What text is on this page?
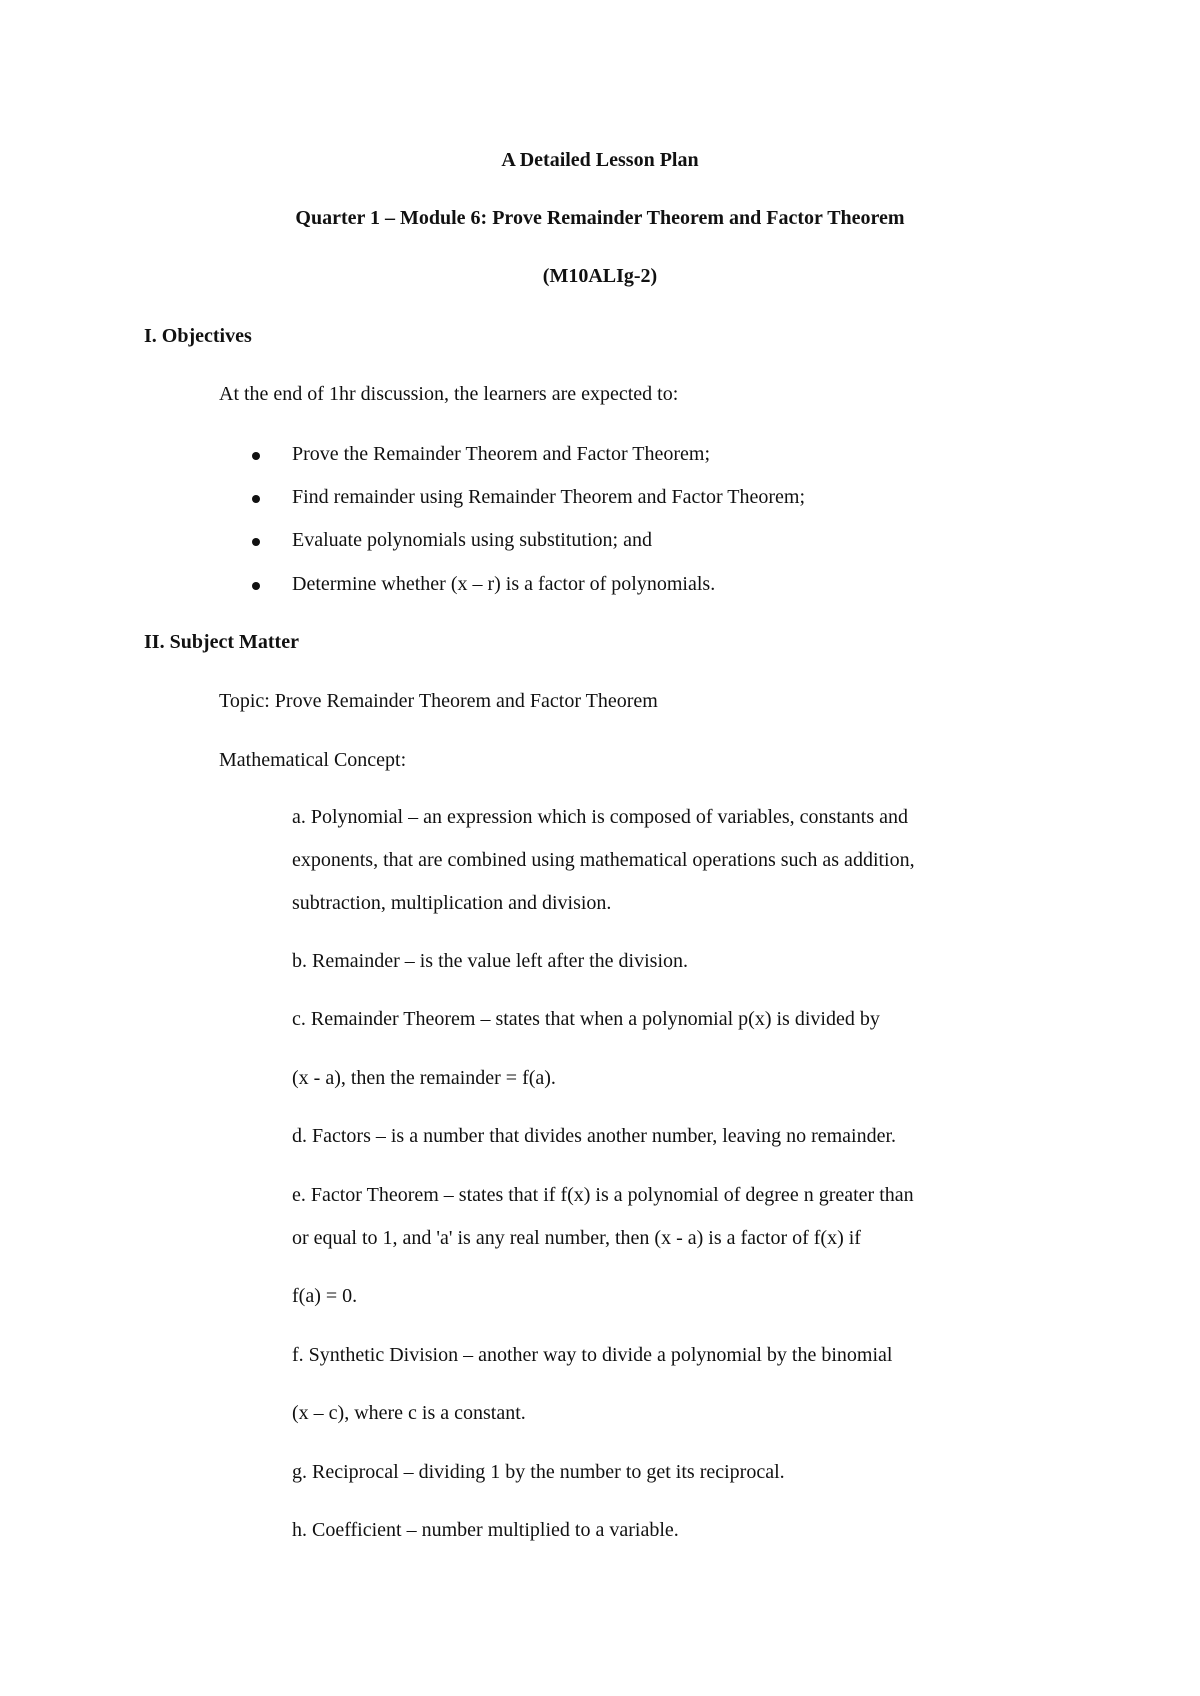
A Detailed Lesson Plan
Quarter 1 – Module 6: Prove Remainder Theorem and Factor Theorem
(M10ALIg-2)
I. Objectives
At the end of 1hr discussion, the learners are expected to:
Prove the Remainder Theorem and Factor Theorem;
Find remainder using Remainder Theorem and Factor Theorem;
Evaluate polynomials using substitution; and
Determine whether (x – r) is a factor of polynomials.
II. Subject Matter
Topic: Prove Remainder Theorem and Factor Theorem
Mathematical Concept:
a. Polynomial – an expression which is composed of variables, constants and
exponents, that are combined using mathematical operations such as addition,
subtraction, multiplication and division.
b. Remainder – is the value left after the division.
c. Remainder Theorem – states that when a polynomial p(x) is divided by
(x - a), then the remainder = f(a).
d. Factors – is a number that divides another number, leaving no remainder.
e. Factor Theorem – states that if f(x) is a polynomial of degree n greater than
or equal to 1, and 'a' is any real number, then (x - a) is a factor of f(x) if
f(a) = 0.
f. Synthetic Division – another way to divide a polynomial by the binomial
(x – c), where c is a constant.
g. Reciprocal – dividing 1 by the number to get its reciprocal.
h. Coefficient – number multiplied to a variable.
